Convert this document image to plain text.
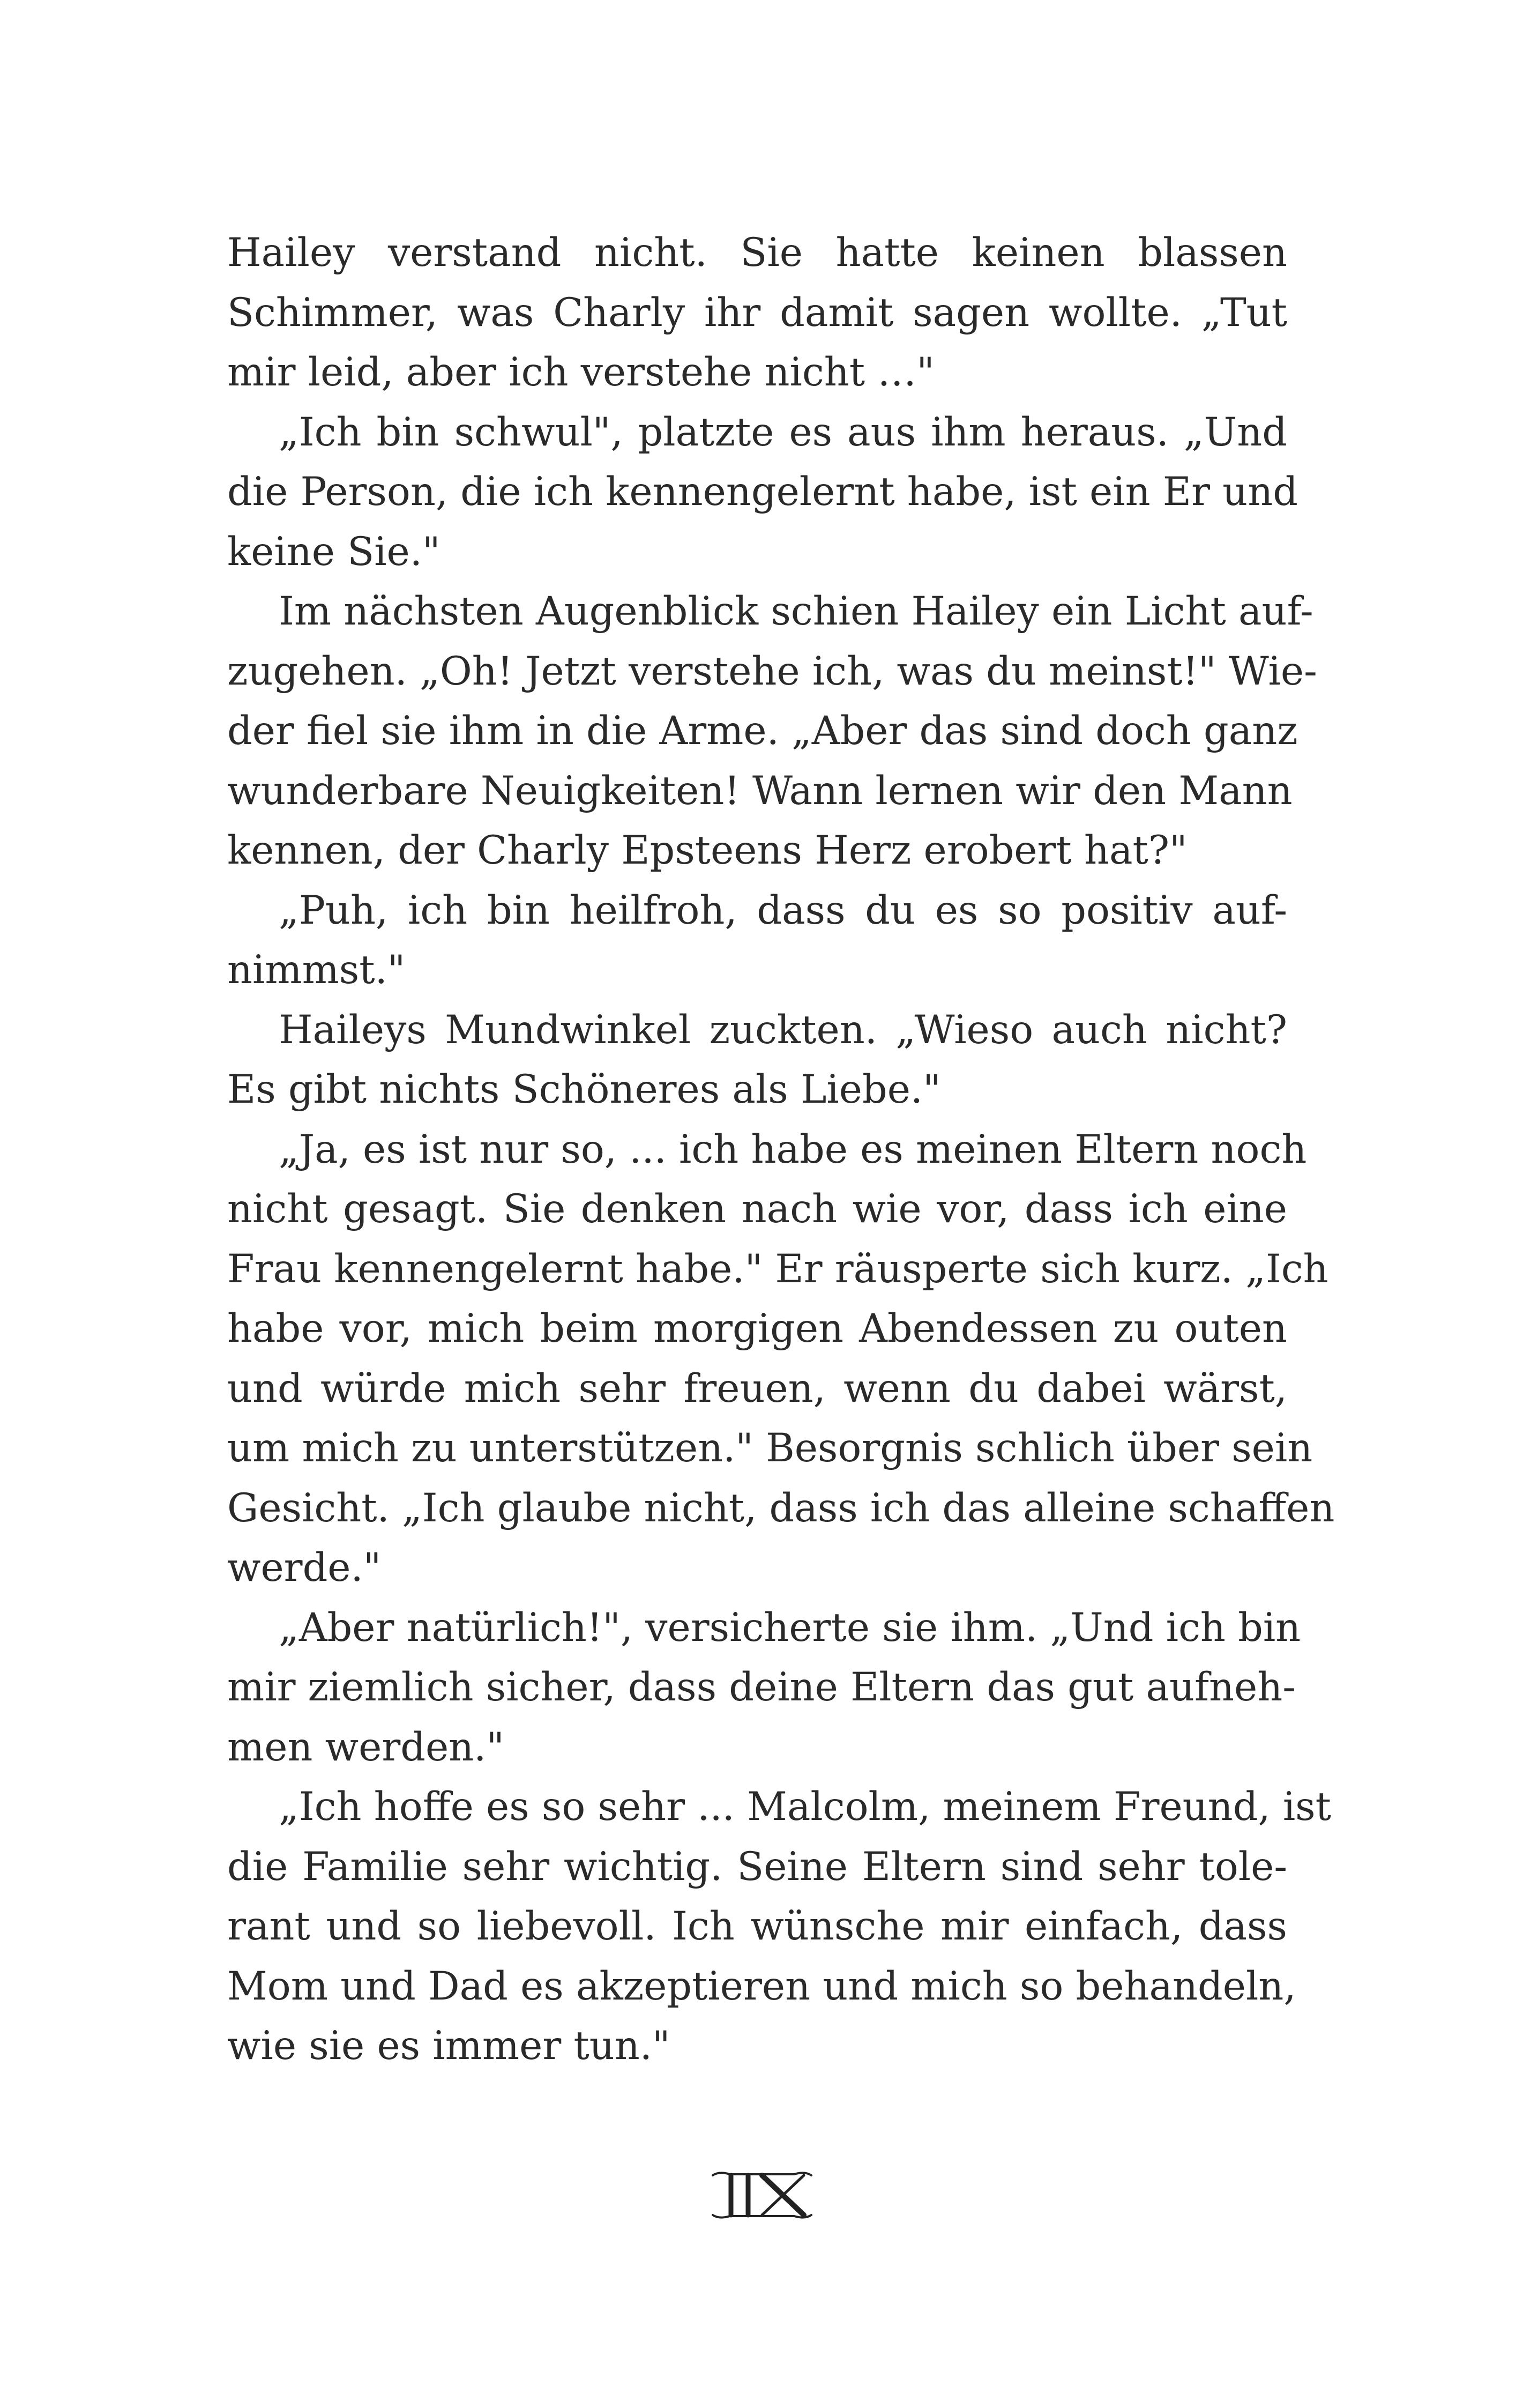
Hailey verstand nicht. Sie hatte keinen blassen
Schimmer, was Charly ihr damit sagen wollte. „Tut
mir leid, aber ich verstehe nicht …"

„Ich bin schwul", platzte es aus ihm heraus. „Und
die Person, die ich kennengelernt habe, ist ein Er und
keine Sie."

Im nächsten Augenblick schien Hailey ein Licht auf-
zugehen. „Oh! Jetzt verstehe ich, was du meinst!" Wie-
der fiel sie ihm in die Arme. „Aber das sind doch ganz
wunderbare Neuigkeiten! Wann lernen wir den Mann
kennen, der Charly Epsteens Herz erobert hat?"

„Puh, ich bin heilfroh, dass du es so positiv auf-
nimmst."

Haileys Mundwinkel zuckten. „Wieso auch nicht?
Es gibt nichts Schöneres als Liebe."

„Ja, es ist nur so, ... ich habe es meinen Eltern noch
nicht gesagt. Sie denken nach wie vor, dass ich eine
Frau kennengelernt habe." Er räusperte sich kurz. „Ich
habe vor, mich beim morgigen Abendessen zu outen
und würde mich sehr freuen, wenn du dabei wärst,
um mich zu unterstützen." Besorgnis schlich über sein
Gesicht. „Ich glaube nicht, dass ich das alleine schaffen
werde."

„Aber natürlich!", versicherte sie ihm. „Und ich bin
mir ziemlich sicher, dass deine Eltern das gut aufneh-
men werden."

„Ich hoffe es so sehr ... Malcolm, meinem Freund, ist
die Familie sehr wichtig. Seine Eltern sind sehr tole-
rant und so liebevoll. Ich wünsche mir einfach, dass
Mom und Dad es akzeptieren und mich so behandeln,
wie sie es immer tun."

IIX
